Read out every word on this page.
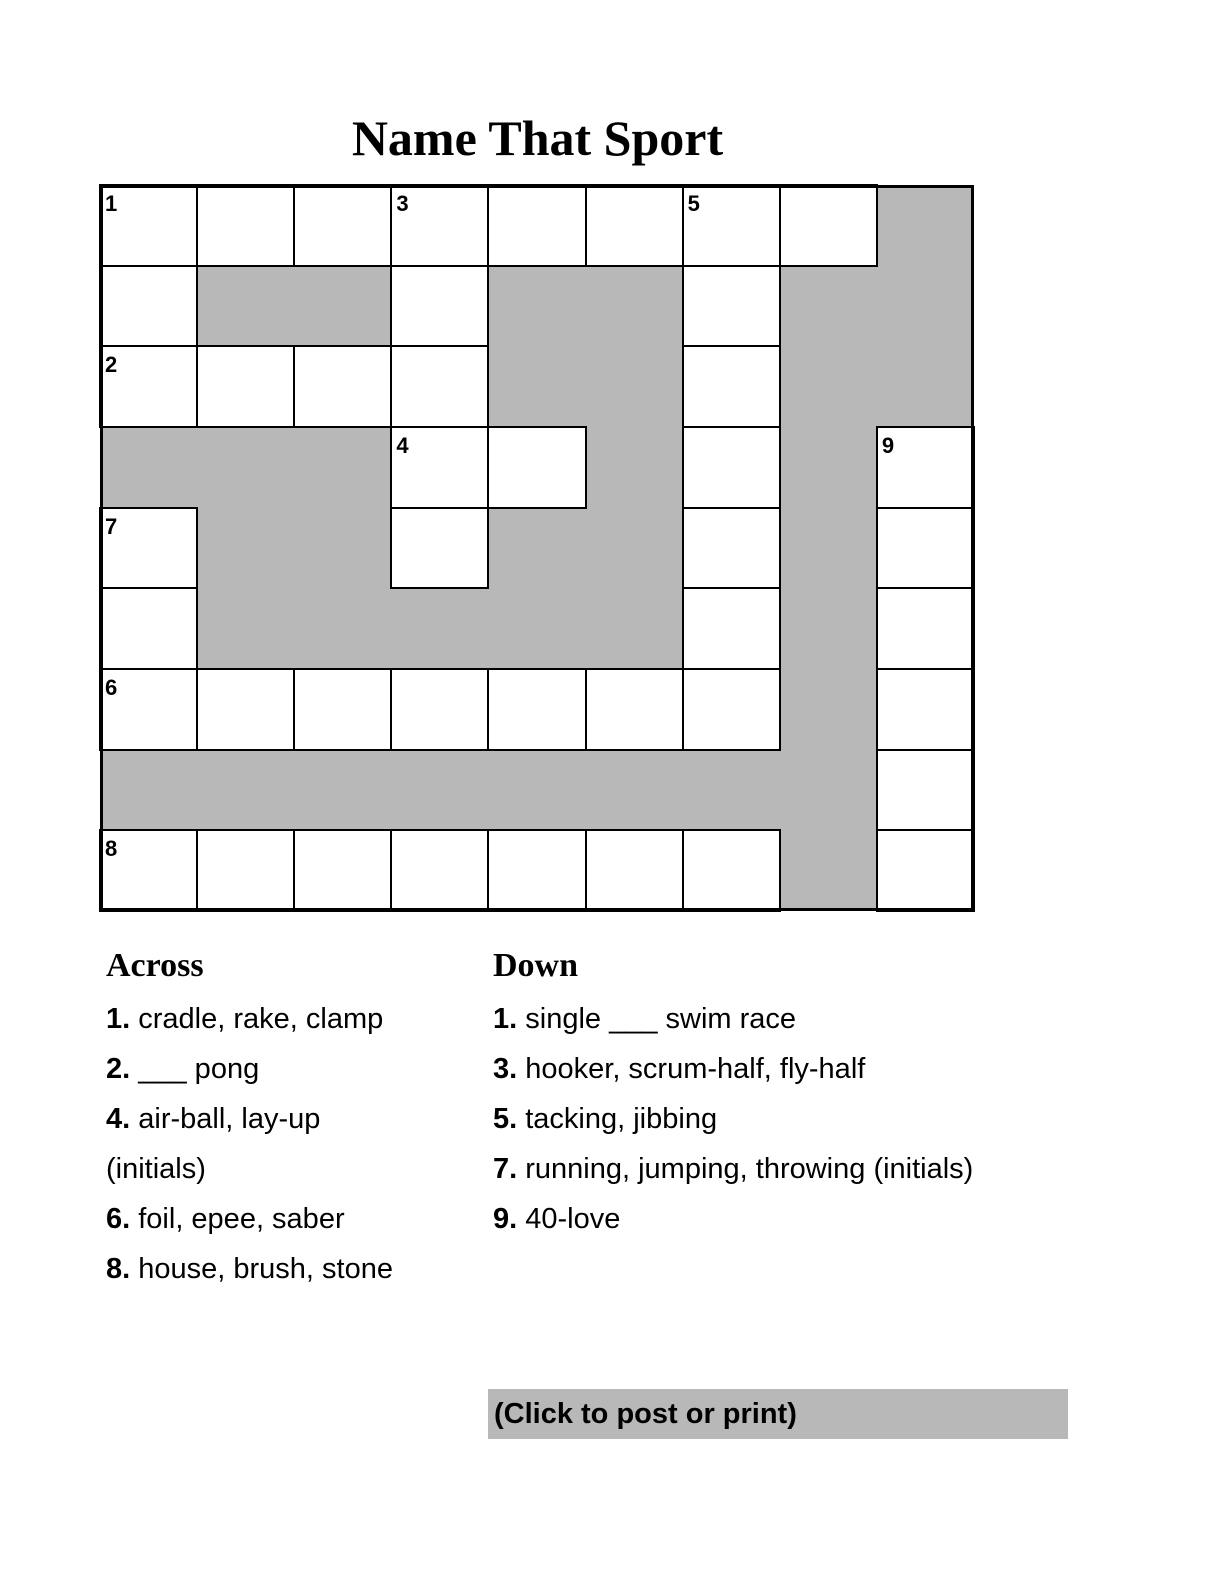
Name That Sport
1	3	5
2
4	9
7
6
8
Across
1. cradle, rake, clamp
2. ___ pong
4. air-ball, lay-up
(initials)
6. foil, epee, saber
8. house, brush, stone
Down
1. single ___ swim race
3. hooker, scrum-half, fly-half
5. tacking, jibbing
7. running, jumping, throwing (initials)
9. 40-love
(Click to post or print)
